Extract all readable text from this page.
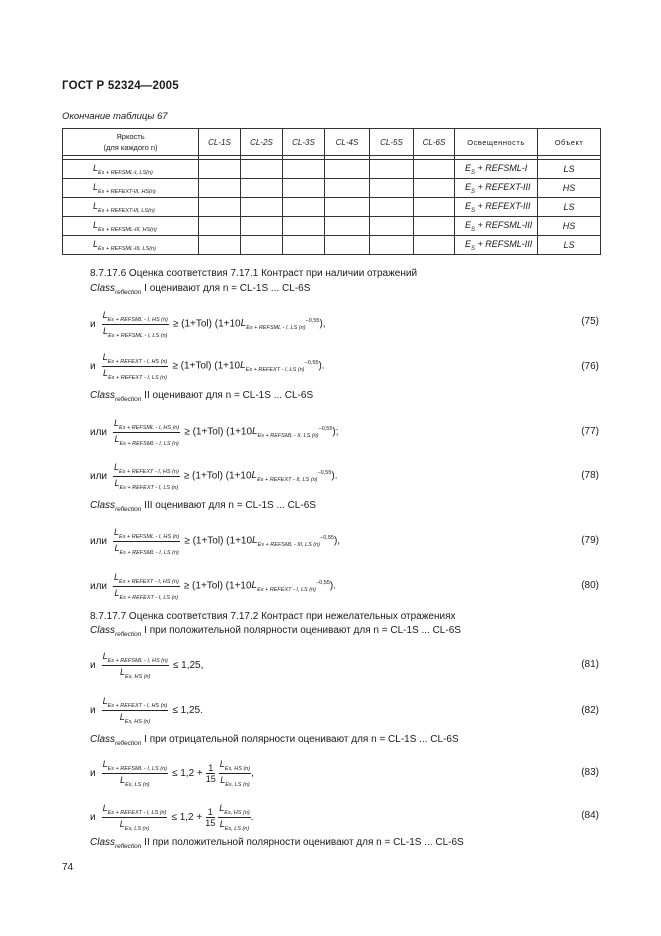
ГОСТ Р 52324—2005
Окончание таблицы 67
Яркость
(для каждого n)	CL-1S	CL-2S	CL-3S	CL-4S	CL-5S	CL-6S	Освещенность	Объект

$L_{Es + REFSML-I, LS(n)}$							$E_S$ + REFSML-I	LS
$L_{Es + REFEXT-III, HS(n)}$							$E_S$ + REFEXT-III	HS
$L_{Es + REFEXT-III, LS(n)}$							$E_S$ + REFEXT-III	LS
$L_{Es + REFSML-III, HS(n)}$							$E_S$ + REFSML-III	HS
$L_{Es + REFSML-III, LS(n)}$							$E_S$ + REFSML-III	LS
8.7.17.6 Оценка соответствия 7.17.1 Контраст при наличии отражений
Class$_{reflection}$ I оценивают для n = CL-1S ... CL-6S
и $\frac{L_{Es + REFSML - I, HS (n)}}{L_{Es + REFSML - I, LS (n)}} \ge (1+Tol)$ $(1+10L_{Es + REFSML - I, LS (n)}^{-0,55})$,	(75)
и $\frac{L_{Es + REFEXT - I, HS (n)}}{L_{Es + REFEXT - I, LS (n)}} \ge (1+Tol)$ $(1+10L_{Es + REFEXT - I, LS (n)}^{-0,55})$.	(76)
Class$_{reflection}$ II оценивают для n = CL-1S ... CL-6S
или $\frac{L_{Es + REFSML - I, HS (n)}}{L_{Es + REFSML - I, LS (n)}} \ge (1+Tol)$ $(1+10L_{Es + REFSML - II, LS (n)}^{-0,55})$;	(77)
или $\frac{L_{Es + REFEXT - I, HS (n)}}{L_{Es + REFEXT - I, LS (n)}} \ge (1+Tol)$ $(1+10L_{Es + REFEXT - II, LS (n)}^{-0,55})$.	(78)
Class$_{reflection}$ III оценивают для n = CL-1S ... CL-6S
или $\frac{L_{Es + REFSML - I, HS (n)}}{L_{Es + REFSML - I, LS (n)}} \ge (1+Tol)$ $(1+10L_{Es + REFSML - III, LS (n)}^{-0,55})$,	(79)
или $\frac{L_{Es + REFEXT - I, HS (n)}}{L_{Es + REFEXT - I, LS (n)}} \ge (1+Tol)$ $(1+10L_{Es + REFEXT - I, LS (n)}^{-0,55})$.	(80)
8.7.17.7 Оценка соответствия 7.17.2 Контраст при нежелательных отражениях
Class$_{reflection}$ I при положительной полярности оценивают для n = CL-1S ... CL-6S
и $\frac{L_{Es + REFSML - I, HS (n)}}{L_{Es, HS (n)}} \le 1,25$,	(81)
и $\frac{L_{Es + REFEXT - I, HS (n)}}{L_{Es, HS (n)}} \le 1,25$.	(82)
Class$_{reflection}$ I при отрицательной полярности оценивают для n = CL-1S ... CL-6S
и $\frac{L_{Es + REFSML - I, LS (n)}}{L_{Es, LS (n)}} \le 1,2 + \frac{1}{15} \frac{L_{Es, HS (n)}}{L_{Es, LS (n)}}$ ,	(83)
и $\frac{L_{Es + REFEXT - I, LS (n)}}{L_{Es, LS (n)}} \le 1,2 + \frac{1}{15} \frac{L_{Es, HS (n)}}{L_{Es, LS (n)}}$ .	(84)
Class$_{reflection}$ II при положительной полярности оценивают для n = CL-1S ... CL-6S
74
